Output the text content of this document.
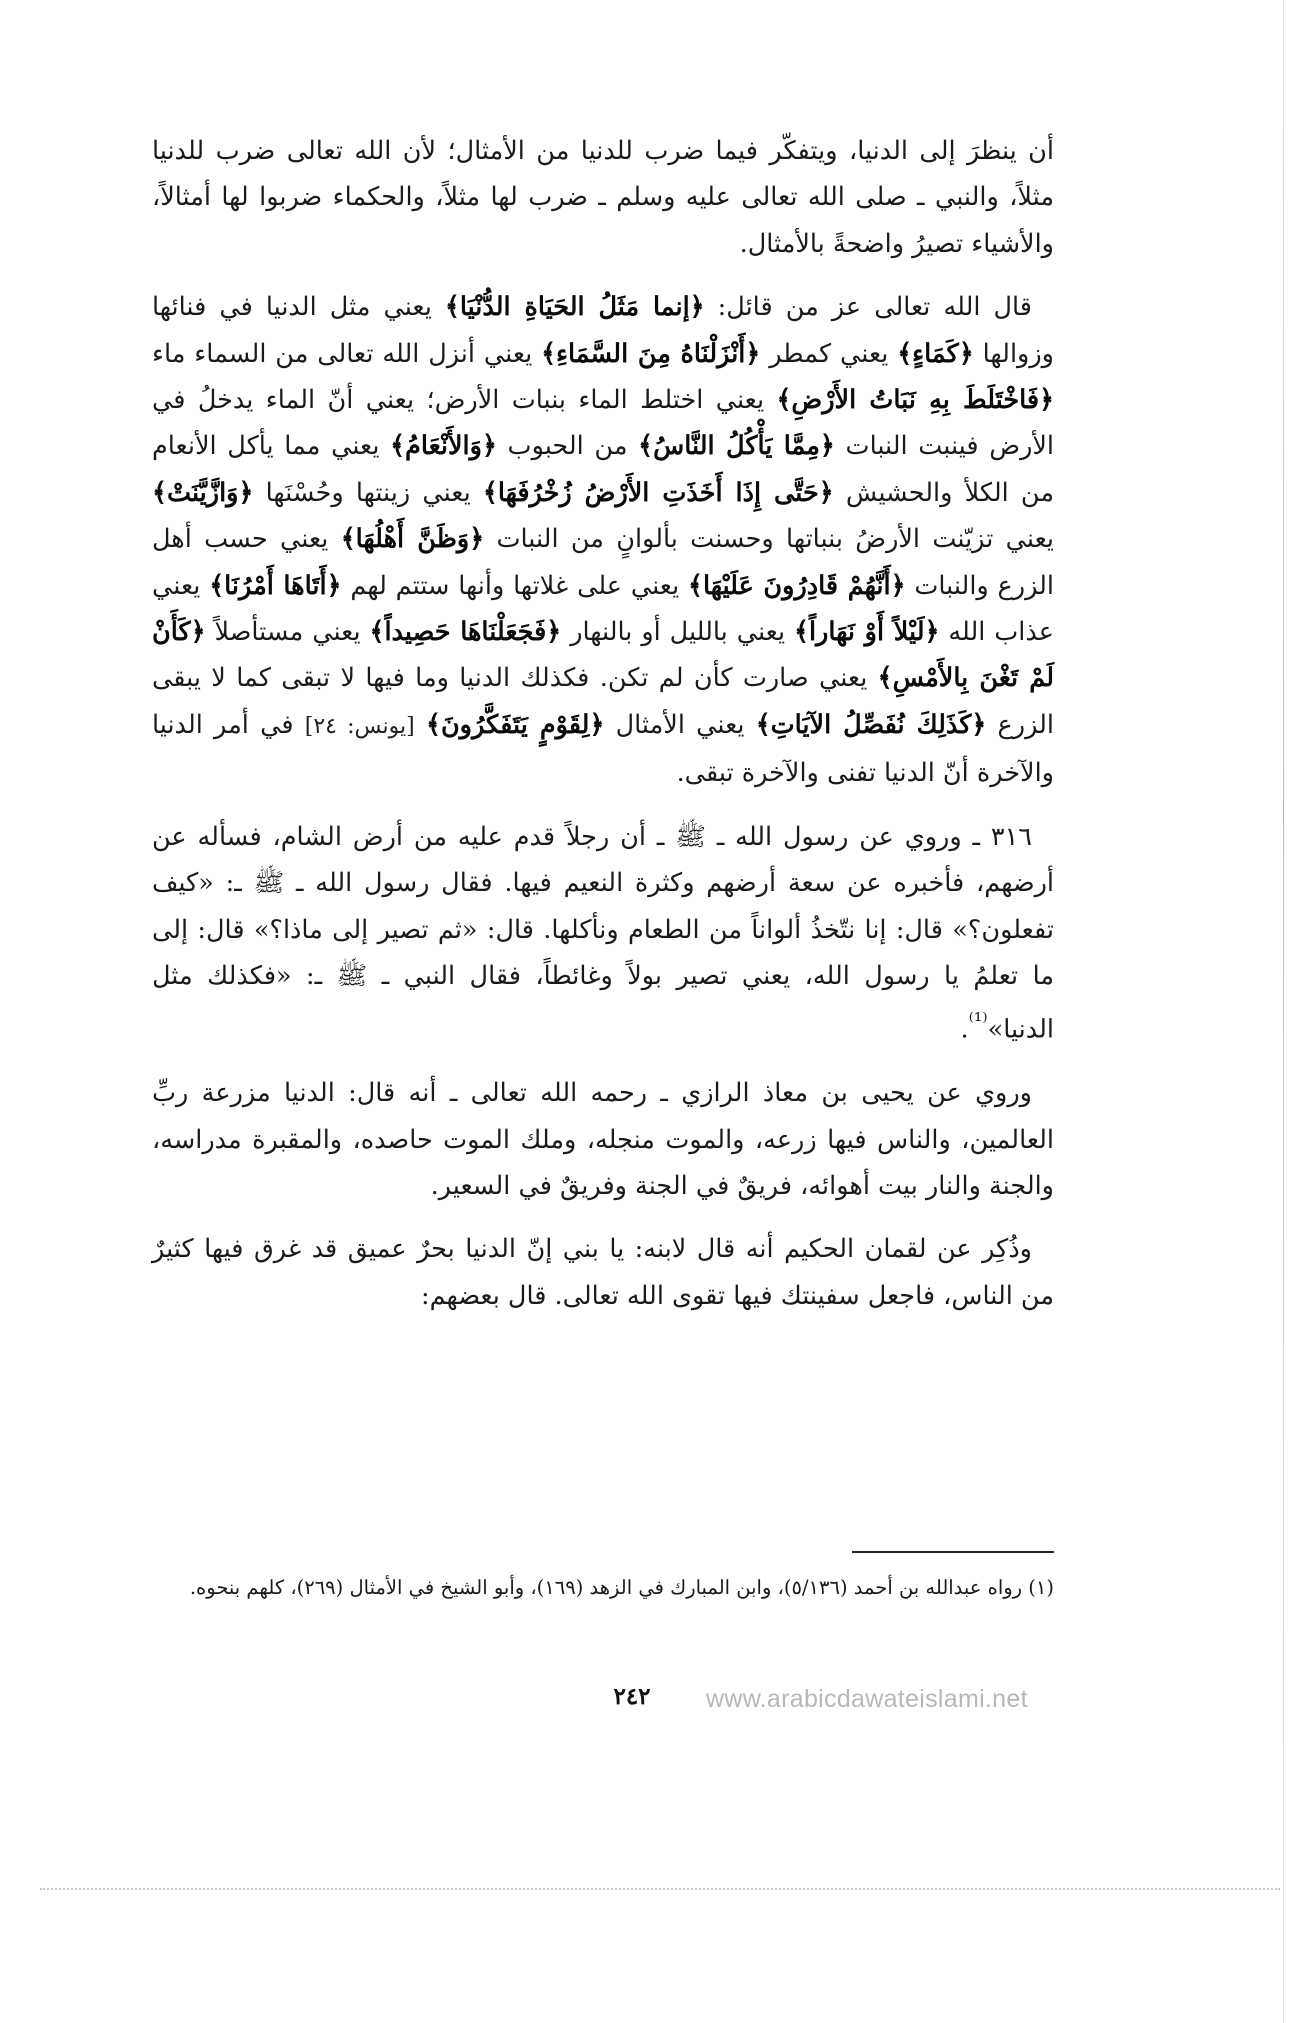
أن ينظرَ إلى الدنيا، ويتفكّر فيما ضرب للدنيا من الأمثال؛ لأن الله تعالى ضرب للدنيا مثلاً، والنبي ـ صلى الله تعالى عليه وسلم ـ ضرب لها مثلاً، والحكماء ضربوا لها أمثالاً، والأشياء تصيرُ واضحةً بالأمثال.

قال الله تعالى عز من قائل: ﴿إنما مَثَلُ الحَيَاةِ الدُّنْيَا﴾ يعني مثل الدنيا في فنائها وزوالها ﴿كَمَاءٍ﴾ يعني كمطر ﴿أَنْزَلْنَاهُ مِنَ السَّمَاءِ﴾ يعني أنزل الله تعالى من السماء ماء ﴿فَاخْتَلَطَ بِهِ نَبَاتُ الأَرْضِ﴾ يعني اختلط الماء بنبات الأرض؛ يعني أنّ الماء يدخلُ في الأرض فينبت النبات ﴿مِمَّا يَأْكُلُ النَّاسُ﴾ من الحبوب ﴿وَالأَنْعَامُ﴾ يعني مما يأكل الأنعام من الكلأ والحشيش ﴿حَتَّى إِذَا أَخَذَتِ الأَرْضُ زُخْرُفَهَا﴾ يعني زينتها وحُسْنَها ﴿وَازَّيَّنَتْ﴾ يعني تزيّنت الأرضُ بنباتها وحسنت بألوانٍ من النبات ﴿وَظَنَّ أَهْلُهَا﴾ يعني حسب أهل الزرع والنبات ﴿أَنَّهُمْ قَادِرُونَ عَلَيْهَا﴾ يعني على غلاتها وأنها ستتم لهم ﴿أَتَاهَا أَمْرُنَا﴾ يعني عذاب الله ﴿لَيْلاً أَوْ نَهَاراً﴾ يعني بالليل أو بالنهار ﴿فَجَعَلْنَاهَا حَصِيداً﴾ يعني مستأصلاً ﴿كَأَنْ لَمْ تَغْنَ بِالأَمْسِ﴾ يعني صارت كأن لم تكن. فكذلك الدنيا وما فيها لا تبقى كما لا يبقى الزرع ﴿كَذَلِكَ نُفَصِّلُ الآيَاتِ﴾ يعني الأمثال ﴿لِقَوْمٍ يَتَفَكَّرُونَ﴾ [يونس: ٢٤] في أمر الدنيا والآخرة أنّ الدنيا تفنى والآخرة تبقى.

٣١٦ ـ وروي عن رسول الله ـ ﷺ ـ أن رجلاً قدم عليه من أرض الشام، فسأله عن أرضهم، فأخبره عن سعة أرضهم وكثرة النعيم فيها. فقال رسول الله ـ ﷺ ـ: «كيف تفعلون؟» قال: إنا نتّخذُ ألواناً من الطعام ونأكلها. قال: «ثم تصير إلى ماذا؟» قال: إلى ما تعلمُ يا رسول الله، يعني تصير بولاً وغائطاً، فقال النبي ـ ﷺ ـ: «فكذلك مثل الدنيا»$^{^{(1)}}$.

وروي عن يحيى بن معاذ الرازي ـ رحمه الله تعالى ـ أنه قال: الدنيا مزرعة ربِّ العالمين، والناس فيها زرعه، والموت منجله، وملك الموت حاصده، والمقبرة مدراسه، والجنة والنار بيت أهوائه، فريقٌ في الجنة وفريقٌ في السعير.

وذُكِر عن لقمان الحكيم أنه قال لابنه: يا بني إنّ الدنيا بحرٌ عميق قد غرق فيها كثيرٌ من الناس، فاجعل سفينتك فيها تقوى الله تعالى. قال بعضهم:

(١) رواه عبدالله بن أحمد (٥/١٣٦)، وابن المبارك في الزهد (١٦٩)، وأبو الشيخ في الأمثال (٢٦٩)، كلهم بنحوه.

٢٤٢	www.arabicdawateislami.net
